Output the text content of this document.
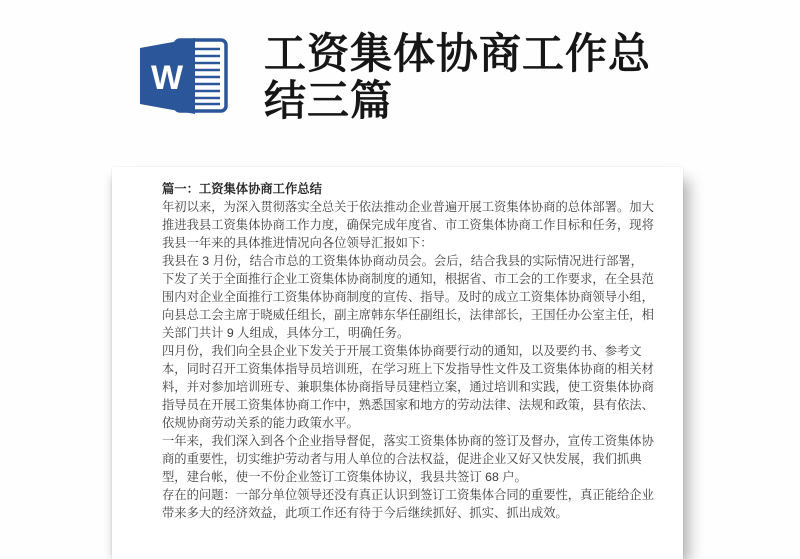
W
工资集体协商工作总结三篇

篇一：工资集体协商工作总结

年初以来，为深入贯彻落实全总关于依法推动企业普遍开展工资集体协商的总体部署。加大推进我县工资集体协商工作力度，确保完成年度省、市工资集体协商工作目标和任务，现将我县一年来的具体推进情况向各位领导汇报如下：

我县在 3 月份，结合市总的工资集体协商动员会。会后，结合我县的实际情况进行部署，下发了关于全面推行企业工资集体协商制度的通知，根据省、市工会的工作要求，在全县范围内对企业全面推行工资集体协商制度的宣传、指导。及时的成立工资集体协商领导小组，向县总工会主席于晓威任组长，副主席韩东华任副组长，法律部长，王国任办公室主任，相关部门共计 9 人组成，具体分工，明确任务。

四月份，我们向全县企业下发关于开展工资集体协商要行动的通知，以及要约书、参考文本，同时召开工资集体指导员培训班，在学习班上下发指导性文件及工资集体协商的相关材料，并对参加培训班专、兼职集体协商指导员建档立案，通过培训和实践，使工资集体协商指导员在开展工资集体协商工作中，熟悉国家和地方的劳动法律、法规和政策，县有依法、依规协商劳动关系的能力政策水平。

一年来，我们深入到各个企业指导督促，落实工资集体协商的签订及督办，宣传工资集体协商的重要性，切实维护劳动者与用人单位的合法权益，促进企业又好又快发展，我们抓典型，建台帐，使一不份企业签订工资集体协议，我县共签订 68 户。

存在的问题：一部分单位领导还没有真正认识到签订工资集体合同的重要性，真正能给企业带来多大的经济效益，此项工作还有待于今后继续抓好、抓实、抓出成效。
